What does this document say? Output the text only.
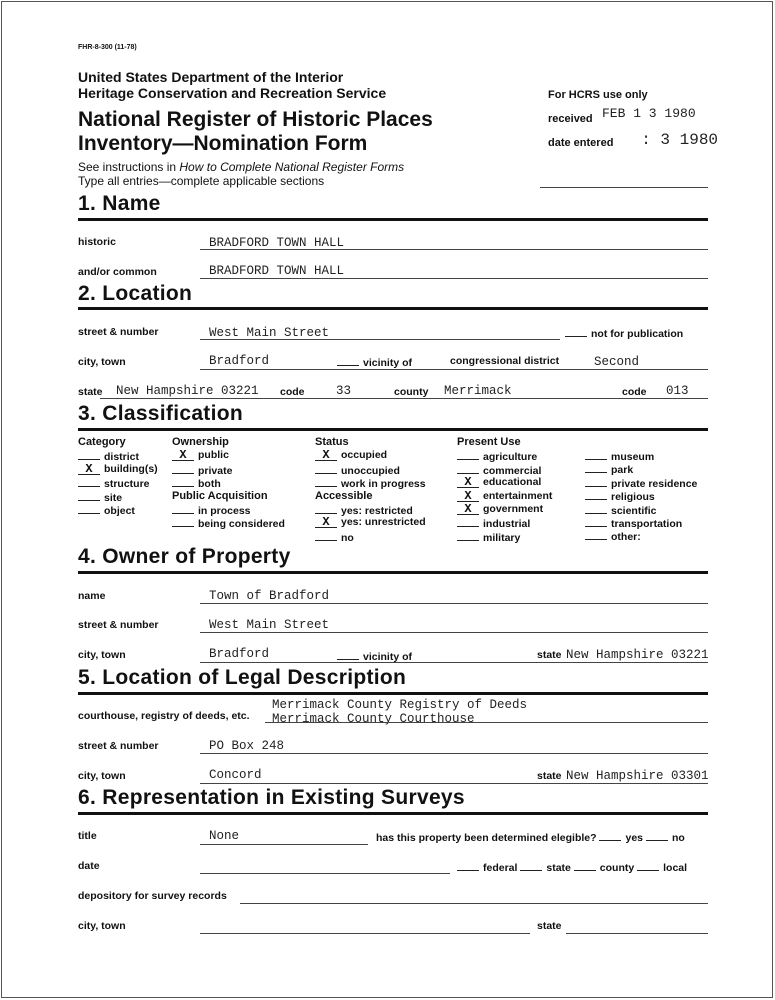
FHR-8-300 (11-78)
United States Department of the Interior
Heritage Conservation and Recreation Service
National Register of Historic Places
Inventory—Nomination Form
See instructions in How to Complete National Register Forms
Type all entries—complete applicable sections
For HCRS use only
received FEB 1 3 1980
date entered : 3 1980
1. Name
historic	BRADFORD TOWN HALL
and/or common	BRADFORD TOWN HALL
2. Location
street & number	West Main Street	not for publication
city, town	Bradford	vicinity of	congressional district	Second
state New Hampshire 03221 code	33	county Merrimack	code 013
3. Classification
Category
district
X building(s)
structure
site
object
Ownership
X public
private
both
Public Acquisition
in process
being considered
Status
X occupied
unoccupied
work in progress
Accessible
yes: restricted
X yes: unrestricted
no
Present Use
agriculture
commercial
X educational
X entertainment
X government
industrial
military
museum
park
private residence
religious
scientific
transportation
other:
4. Owner of Property
name	Town of Bradford
street & number	West Main Street
city, town	Bradford	vicinity of	state New Hampshire 03221
5. Location of Legal Description
courthouse, registry of deeds, etc.
Merrimack County Registry of Deeds
Merrimack County Courthouse
street & number	PO Box 248
city, town	Concord	state New Hampshire 03301
6. Representation in Existing Surveys
title	None	has this property been determined elegible?	yes	no
date	federal	state	county	local
depository for survey records
city, town	state
